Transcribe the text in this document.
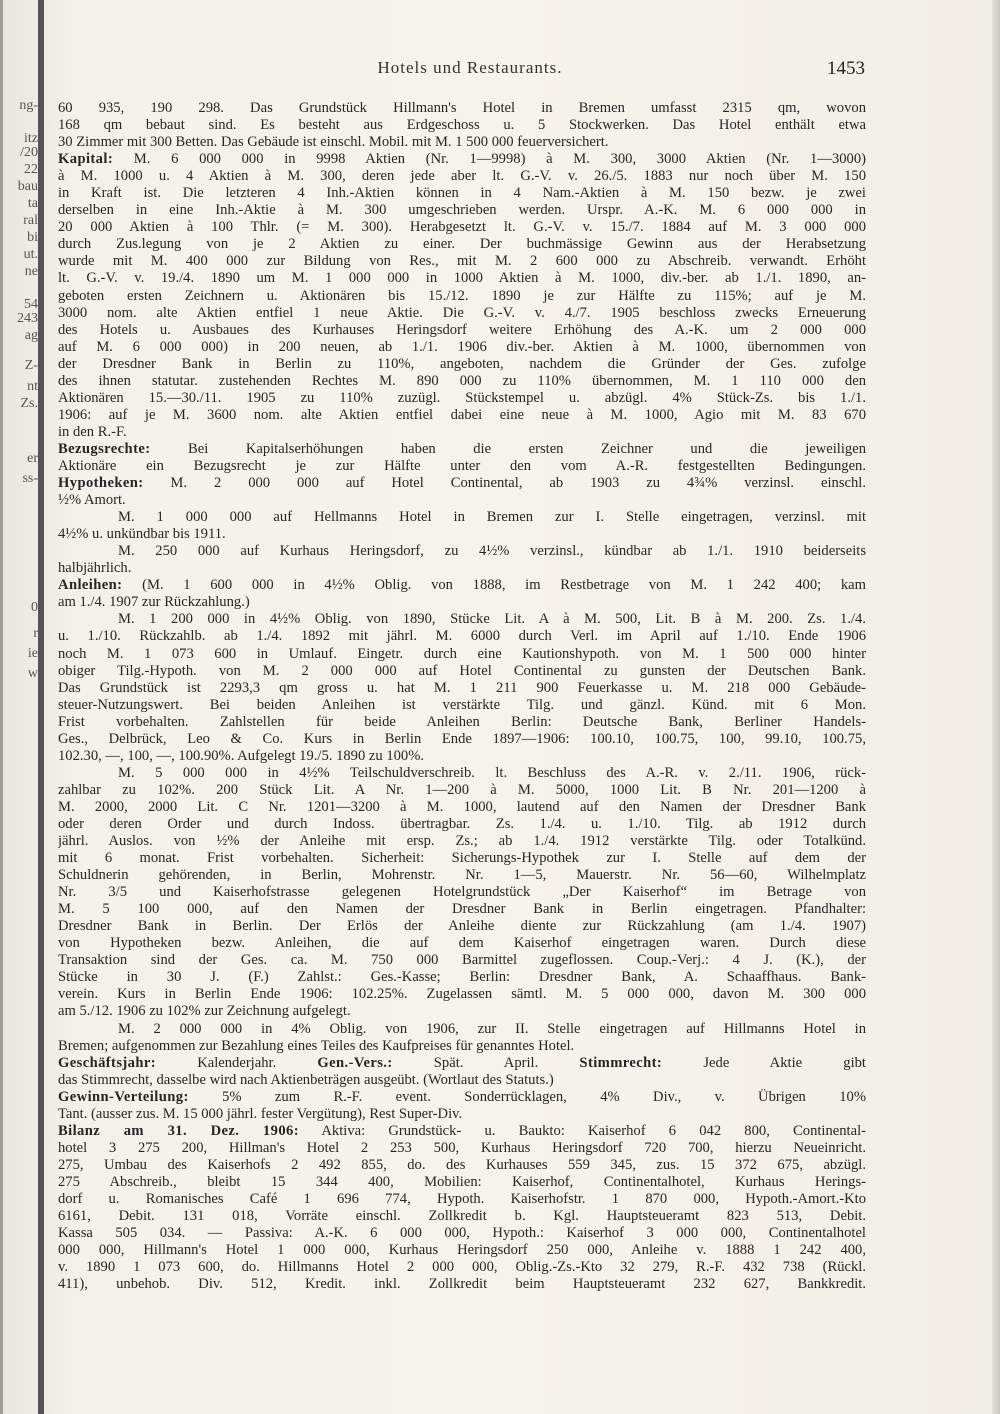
ng-
itz
/20
22
bau
ta
ral
bi
ut.
ne
54
243
ag
Z-
nt
Zs.
er
ss-
0
r
ie
w
Hotels und Restaurants.	1453
60 935, 190 298. Das Grundstück Hillmann's Hotel in Bremen umfasst 2315 qm, wovon
168 qm bebaut sind. Es besteht aus Erdgeschoss u. 5 Stockwerken. Das Hotel enthält etwa
30 Zimmer mit 300 Betten. Das Gebäude ist einschl. Mobil. mit M. 1 500 000 feuerversichert.
Kapital: M. 6 000 000 in 9998 Aktien (Nr. 1—9998) à M. 300, 3000 Aktien (Nr. 1—3000)
à M. 1000 u. 4 Aktien à M. 300, deren jede aber lt. G.-V. v. 26./5. 1883 nur noch über M. 150
in Kraft ist. Die letzteren 4 Inh.-Aktien können in 4 Nam.-Aktien à M. 150 bezw. je zwei
derselben in eine Inh.-Aktie à M. 300 umgeschrieben werden. Urspr. A.-K. M. 6 000 000 in
20 000 Aktien à 100 Thlr. (= M. 300). Herabgesetzt lt. G.-V. v. 15./7. 1884 auf M. 3 000 000
durch Zus.legung von je 2 Aktien zu einer. Der buchmässige Gewinn aus der Herabsetzung
wurde mit M. 400 000 zur Bildung von Res., mit M. 2 600 000 zu Abschreib. verwandt. Erhöht
lt. G.-V. v. 19./4. 1890 um M. 1 000 000 in 1000 Aktien à M. 1000, div.-ber. ab 1./1. 1890, an-
geboten ersten Zeichnern u. Aktionären bis 15./12. 1890 je zur Hälfte zu 115%; auf je M.
3000 nom. alte Aktien entfiel 1 neue Aktie. Die G.-V. v. 4./7. 1905 beschloss zwecks Erneuerung
des Hotels u. Ausbaues des Kurhauses Heringsdorf weitere Erhöhung des A.-K. um 2 000 000
auf M. 6 000 000) in 200 neuen, ab 1./1. 1906 div.-ber. Aktien à M. 1000, übernommen von
der Dresdner Bank in Berlin zu 110%, angeboten, nachdem die Gründer der Ges. zufolge
des ihnen statutar. zustehenden Rechtes M. 890 000 zu 110% übernommen, M. 1 110 000 den
Aktionären 15.—30./11. 1905 zu 110% zuzügl. Stückstempel u. abzügl. 4% Stück-Zs. bis 1./1.
1906: auf je M. 3600 nom. alte Aktien entfiel dabei eine neue à M. 1000, Agio mit M. 83 670
in den R.-F.
Bezugsrechte: Bei Kapitalserhöhungen haben die ersten Zeichner und die jeweiligen
Aktionäre ein Bezugsrecht je zur Hälfte unter den vom A.-R. festgestellten Bedingungen.
Hypotheken: M. 2 000 000 auf Hotel Continental, ab 1903 zu 4¾% verzinsl. einschl.
½% Amort.
M. 1 000 000 auf Hellmanns Hotel in Bremen zur I. Stelle eingetragen, verzinsl. mit
4½% u. unkündbar bis 1911.
M. 250 000 auf Kurhaus Heringsdorf, zu 4½% verzinsl., kündbar ab 1./1. 1910 beiderseits
halbjährlich.
Anleihen: (M. 1 600 000 in 4½% Oblig. von 1888, im Restbetrage von M. 1 242 400; kam
am 1./4. 1907 zur Rückzahlung.)
M. 1 200 000 in 4½% Oblig. von 1890, Stücke Lit. A à M. 500, Lit. B à M. 200. Zs. 1./4.
u. 1./10. Rückzahlb. ab 1./4. 1892 mit jährl. M. 6000 durch Verl. im April auf 1./10. Ende 1906
noch M. 1 073 600 in Umlauf. Eingetr. durch eine Kautionshypoth. von M. 1 500 000 hinter
obiger Tilg.-Hypoth. von M. 2 000 000 auf Hotel Continental zu gunsten der Deutschen Bank.
Das Grundstück ist 2293,3 qm gross u. hat M. 1 211 900 Feuerkasse u. M. 218 000 Gebäude-
steuer-Nutzungswert. Bei beiden Anleihen ist verstärkte Tilg. und gänzl. Künd. mit 6 Mon.
Frist vorbehalten. Zahlstellen für beide Anleihen Berlin: Deutsche Bank, Berliner Handels-
Ges., Delbrück, Leo & Co. Kurs in Berlin Ende 1897—1906: 100.10, 100.75, 100, 99.10, 100.75,
102.30, —, 100, —, 100.90%. Aufgelegt 19./5. 1890 zu 100%.
M. 5 000 000 in 4½% Teilschuldverschreib. lt. Beschluss des A.-R. v. 2./11. 1906, rück-
zahlbar zu 102%. 200 Stück Lit. A Nr. 1—200 à M. 5000, 1000 Lit. B Nr. 201—1200 à
M. 2000, 2000 Lit. C Nr. 1201—3200 à M. 1000, lautend auf den Namen der Dresdner Bank
oder deren Order und durch Indoss. übertragbar. Zs. 1./4. u. 1./10. Tilg. ab 1912 durch
jährl. Auslos. von ½% der Anleihe mit ersp. Zs.; ab 1./4. 1912 verstärkte Tilg. oder Totalkünd.
mit 6 monat. Frist vorbehalten. Sicherheit: Sicherungs-Hypothek zur I. Stelle auf dem der
Schuldnerin gehörenden, in Berlin, Mohrenstr. Nr. 1—5, Mauerstr. Nr. 56—60, Wilhelmplatz
Nr. 3/5 und Kaiserhofstrasse gelegenen Hotelgrundstück „Der Kaiserhof“ im Betrage von
M. 5 100 000, auf den Namen der Dresdner Bank in Berlin eingetragen. Pfandhalter:
Dresdner Bank in Berlin. Der Erlös der Anleihe diente zur Rückzahlung (am 1./4. 1907)
von Hypotheken bezw. Anleihen, die auf dem Kaiserhof eingetragen waren. Durch diese
Transaktion sind der Ges. ca. M. 750 000 Barmittel zugeflossen. Coup.-Verj.: 4 J. (K.), der
Stücke in 30 J. (F.) Zahlst.: Ges.-Kasse; Berlin: Dresdner Bank, A. Schaaffhaus. Bank-
verein. Kurs in Berlin Ende 1906: 102.25%. Zugelassen sämtl. M. 5 000 000, davon M. 300 000
am 5./12. 1906 zu 102% zur Zeichnung aufgelegt.
M. 2 000 000 in 4% Oblig. von 1906, zur II. Stelle eingetragen auf Hillmanns Hotel in
Bremen; aufgenommen zur Bezahlung eines Teiles des Kaufpreises für genanntes Hotel.
Geschäftsjahr: Kalenderjahr. Gen.-Vers.: Spät. April. Stimmrecht: Jede Aktie gibt
das Stimmrecht, dasselbe wird nach Aktienbeträgen ausgeübt. (Wortlaut des Statuts.)
Gewinn-Verteilung: 5% zum R.-F. event. Sonderrücklagen, 4% Div., v. Übrigen 10%
Tant. (ausser zus. M. 15 000 jährl. fester Vergütung), Rest Super-Div.
Bilanz am 31. Dez. 1906: Aktiva: Grundstück- u. Baukto: Kaiserhof 6 042 800, Continental-
hotel 3 275 200, Hillman's Hotel 2 253 500, Kurhaus Heringsdorf 720 700, hierzu Neueinricht.
275, Umbau des Kaiserhofs 2 492 855, do. des Kurhauses 559 345, zus. 15 372 675, abzügl.
275 Abschreib., bleibt 15 344 400, Mobilien: Kaiserhof, Continentalhotel, Kurhaus Herings-
dorf u. Romanisches Café 1 696 774, Hypoth. Kaiserhofstr. 1 870 000, Hypoth.-Amort.-Kto
6161, Debit. 131 018, Vorräte einschl. Zollkredit b. Kgl. Hauptsteueramt 823 513, Debit.
Kassa 505 034. — Passiva: A.-K. 6 000 000, Hypoth.: Kaiserhof 3 000 000, Continentalhotel
000 000, Hillmann's Hotel 1 000 000, Kurhaus Heringsdorf 250 000, Anleihe v. 1888 1 242 400,
v. 1890 1 073 600, do. Hillmanns Hotel 2 000 000, Oblig.-Zs.-Kto 32 279, R.-F. 432 738 (Rückl.
411), unbehob. Div. 512, Kredit. inkl. Zollkredit beim Hauptsteueramt 232 627, Bankkredit.
